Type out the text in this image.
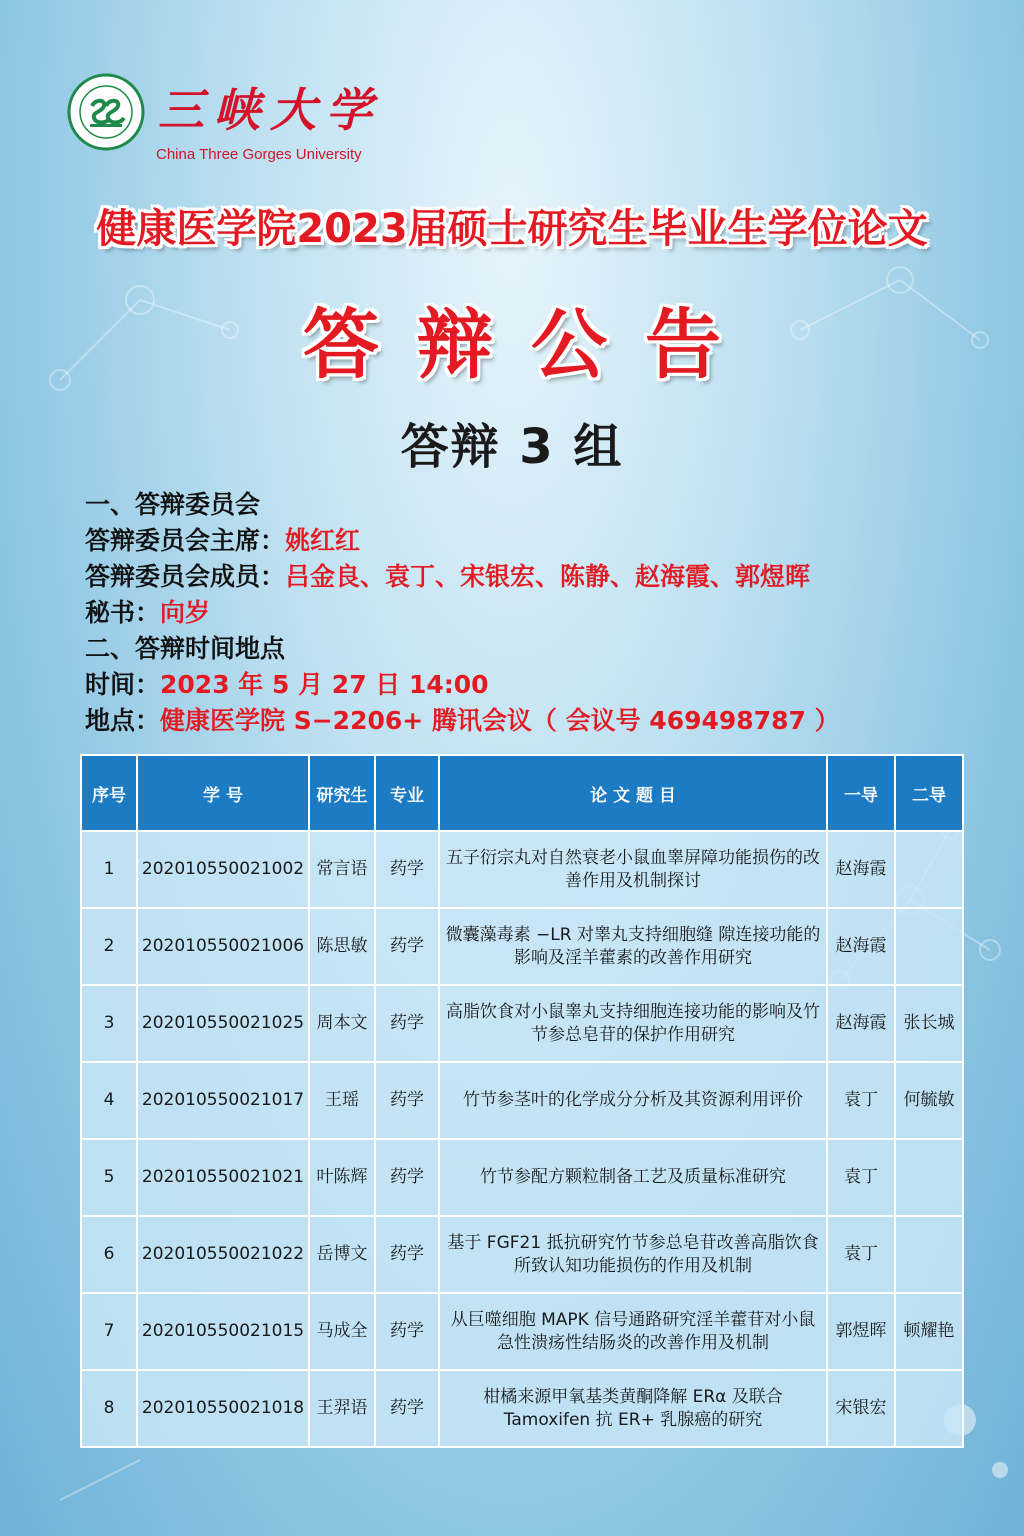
三峡大学
China Three Gorges University
健康医学院2023届硕士研究生毕业生学位论文
答辩公告
答辩 3 组
一、答辩委员会
答辩委员会主席：姚红红
答辩委员会成员：吕金良、袁丁、宋银宏、陈静、赵海霞、郭煜晖
秘书：向岁
二、答辩时间地点
时间：2023 年 5 月 27 日 14:00
地点：健康医学院 S−2206+ 腾讯会议（ 会议号 469498787 ）
序号	学 号	研究生	专业	论 文 题 目	一导	二导
1	202010550021002	常言语	药学	五子衍宗丸对自然衰老小鼠血睾屏障功能损伤的改善作用及机制探讨	赵海霞	
2	202010550021006	陈思敏	药学	微囊藻毒素 −LR 对睾丸支持细胞缝 隙连接功能的影响及淫羊藿素的改善作用研究	赵海霞	
3	202010550021025	周本文	药学	高脂饮食对小鼠睾丸支持细胞连接功能的影响及竹节参总皂苷的保护作用研究	赵海霞	张长城
4	202010550021017	王瑶	药学	竹节参茎叶的化学成分分析及其资源利用评价	袁丁	何毓敏
5	202010550021021	叶陈辉	药学	竹节参配方颗粒制备工艺及质量标准研究	袁丁	
6	202010550021022	岳博文	药学	基于 FGF21 抵抗研究竹节参总皂苷改善高脂饮食所致认知功能损伤的作用及机制	袁丁	
7	202010550021015	马成全	药学	从巨噬细胞 MAPK 信号通路研究淫羊藿苷对小鼠急性溃疡性结肠炎的改善作用及机制	郭煜晖	顿耀艳
8	202010550021018	王羿语	药学	柑橘来源甲氧基类黄酮降解 ERα 及联合 Tamoxifen 抗 ER+ 乳腺癌的研究	宋银宏	
